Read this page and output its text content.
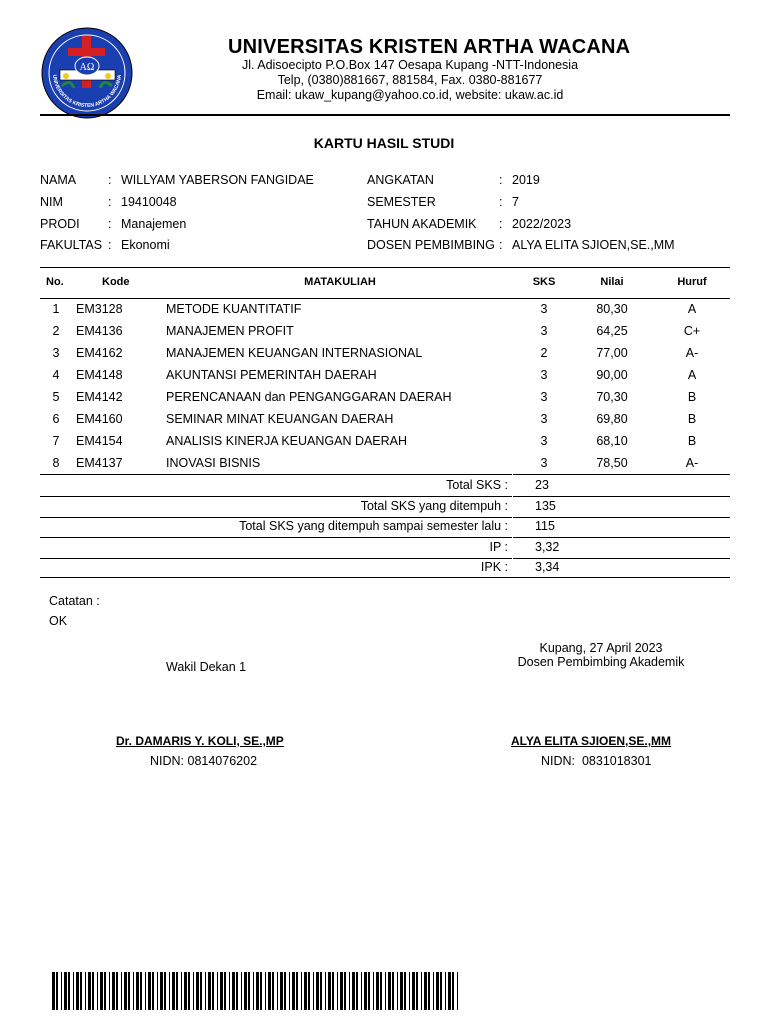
AΩ
UNIVERSITAS KRISTEN ARTHA WACANA
UNIVERSITAS KRISTEN ARTHA WACANA
Jl. Adisoecipto P.O.Box 147 Oesapa Kupang -NTT-Indonesia
Telp, (0380)881667, 881584, Fax. 0380-881677
Email: ukaw_kupang@yahoo.co.id, website: ukaw.ac.id
KARTU HASIL STUDI
NAMA	: WILLYAM YABERSON FANGIDAE
NIM	: 19410048
PRODI : Manajemen
FAKULTAS : Ekonomi
ANGKATAN	: 2019
SEMESTER	: 7
TAHUN AKADEMIK : 2022/2023
DOSEN PEMBIMBING : ALYA ELITA SJIOEN,SE.,MM
No.	Kode	MATAKULIAH	SKS	Nilai	Huruf
1	EM3128	METODE KUANTITATIF	3	80,30	A
2	EM4136	MANAJEMEN PROFIT	3	64,25	C+
3	EM4162	MANAJEMEN KEUANGAN INTERNASIONAL	2	77,00	A-
4	EM4148	AKUNTANSI PEMERINTAH DAERAH	3	90,00	A
5	EM4142	PERENCANAAN dan PENGANGGARAN DAERAH	3	70,30	B
6	EM4160	SEMINAR MINAT KEUANGAN DAERAH	3	69,80	B
7	EM4154	ANALISIS KINERJA KEUANGAN DAERAH	3	68,10	B
8	EM4137	INOVASI BISNIS	3	78,50	A-
Total SKS : 23
Total SKS yang ditempuh : 135
Total SKS yang ditempuh sampai semester lalu : 115
IP : 3,32
IPK : 3,34
Catatan :
OK
Kupang, 27 April 2023
Dosen Pembimbing Akademik
Wakil Dekan 1
Dr. DAMARIS Y. KOLI, SE.,MP
NIDN: 0814076202
ALYA ELITA SJIOEN,SE.,MM
NIDN:  0831018301
